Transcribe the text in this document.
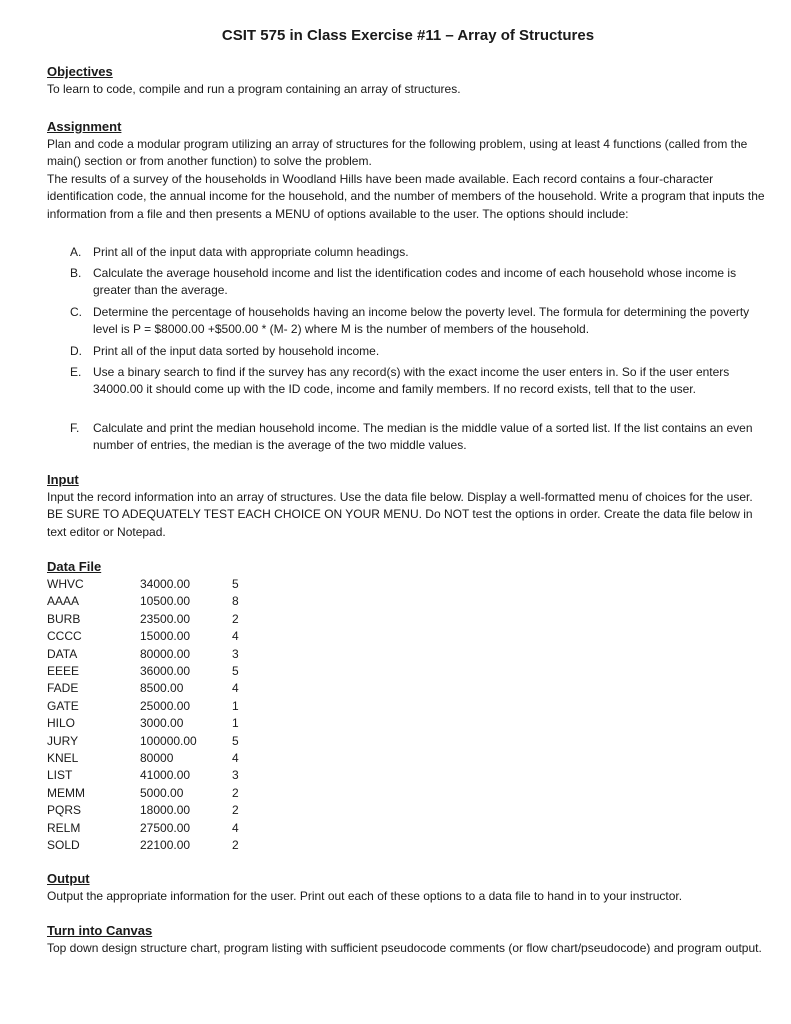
CSIT 575 in Class Exercise #11 – Array of Structures
Objectives

To learn to code, compile and run a program containing an array of structures.

Assignment

Plan and code a modular program utilizing an array of structures for the following problem, using at least 4 functions (called from the main() section or from another function) to solve the problem.

The results of a survey of the households in Woodland Hills have been made available. Each record contains a four-character identification code, the annual income for the household, and the number of members of the household. Write a program that inputs the information from a file and then presents a MENU of options available to the user. The options should include:

A. Print all of the input data with appropriate column headings.
B. Calculate the average household income and list the identification codes and income of each household whose income is greater than the average.
C. Determine the percentage of households having an income below the poverty level. The formula for determining the poverty level is P = $8000.00 +$500.00 * (M- 2) where M is the number of members of the household.
D. Print all of the input data sorted by household income.
E. Use a binary search to find if the survey has any record(s) with the exact income the user enters in. So if the user enters 34000.00 it should come up with the ID code, income and family members. If no record exists, tell that to the user.
F. Calculate and print the median household income. The median is the middle value of a sorted list. If the list contains an even number of entries, the median is the average of the two middle values.
Input

Input the record information into an array of structures. Use the data file below. Display a well-formatted menu of choices for the user. BE SURE TO ADEQUATELY TEST EACH CHOICE ON YOUR MENU. Do NOT test the options in order. Create the data file below in text editor or Notepad.

Data File
WHVC	34000.00	5
AAAA	10500.00	8
BURB	23500.00	2
CCCC	15000.00	4
DATA	80000.00	3
EEEE	36000.00	5
FADE	8500.00	4
GATE	25000.00	1
HILO	3000.00	1
JURY	100000.00	5
KNEL	80000	4
LIST	41000.00	3
MEMM	5000.00	2
PQRS	18000.00	2
RELM	27500.00	4
SOLD	22100.00	2
Output

Output the appropriate information for the user. Print out each of these options to a data file to hand in to your instructor.

Turn into Canvas

Top down design structure chart, program listing with sufficient pseudocode comments (or flow chart/pseudocode) and program output.
